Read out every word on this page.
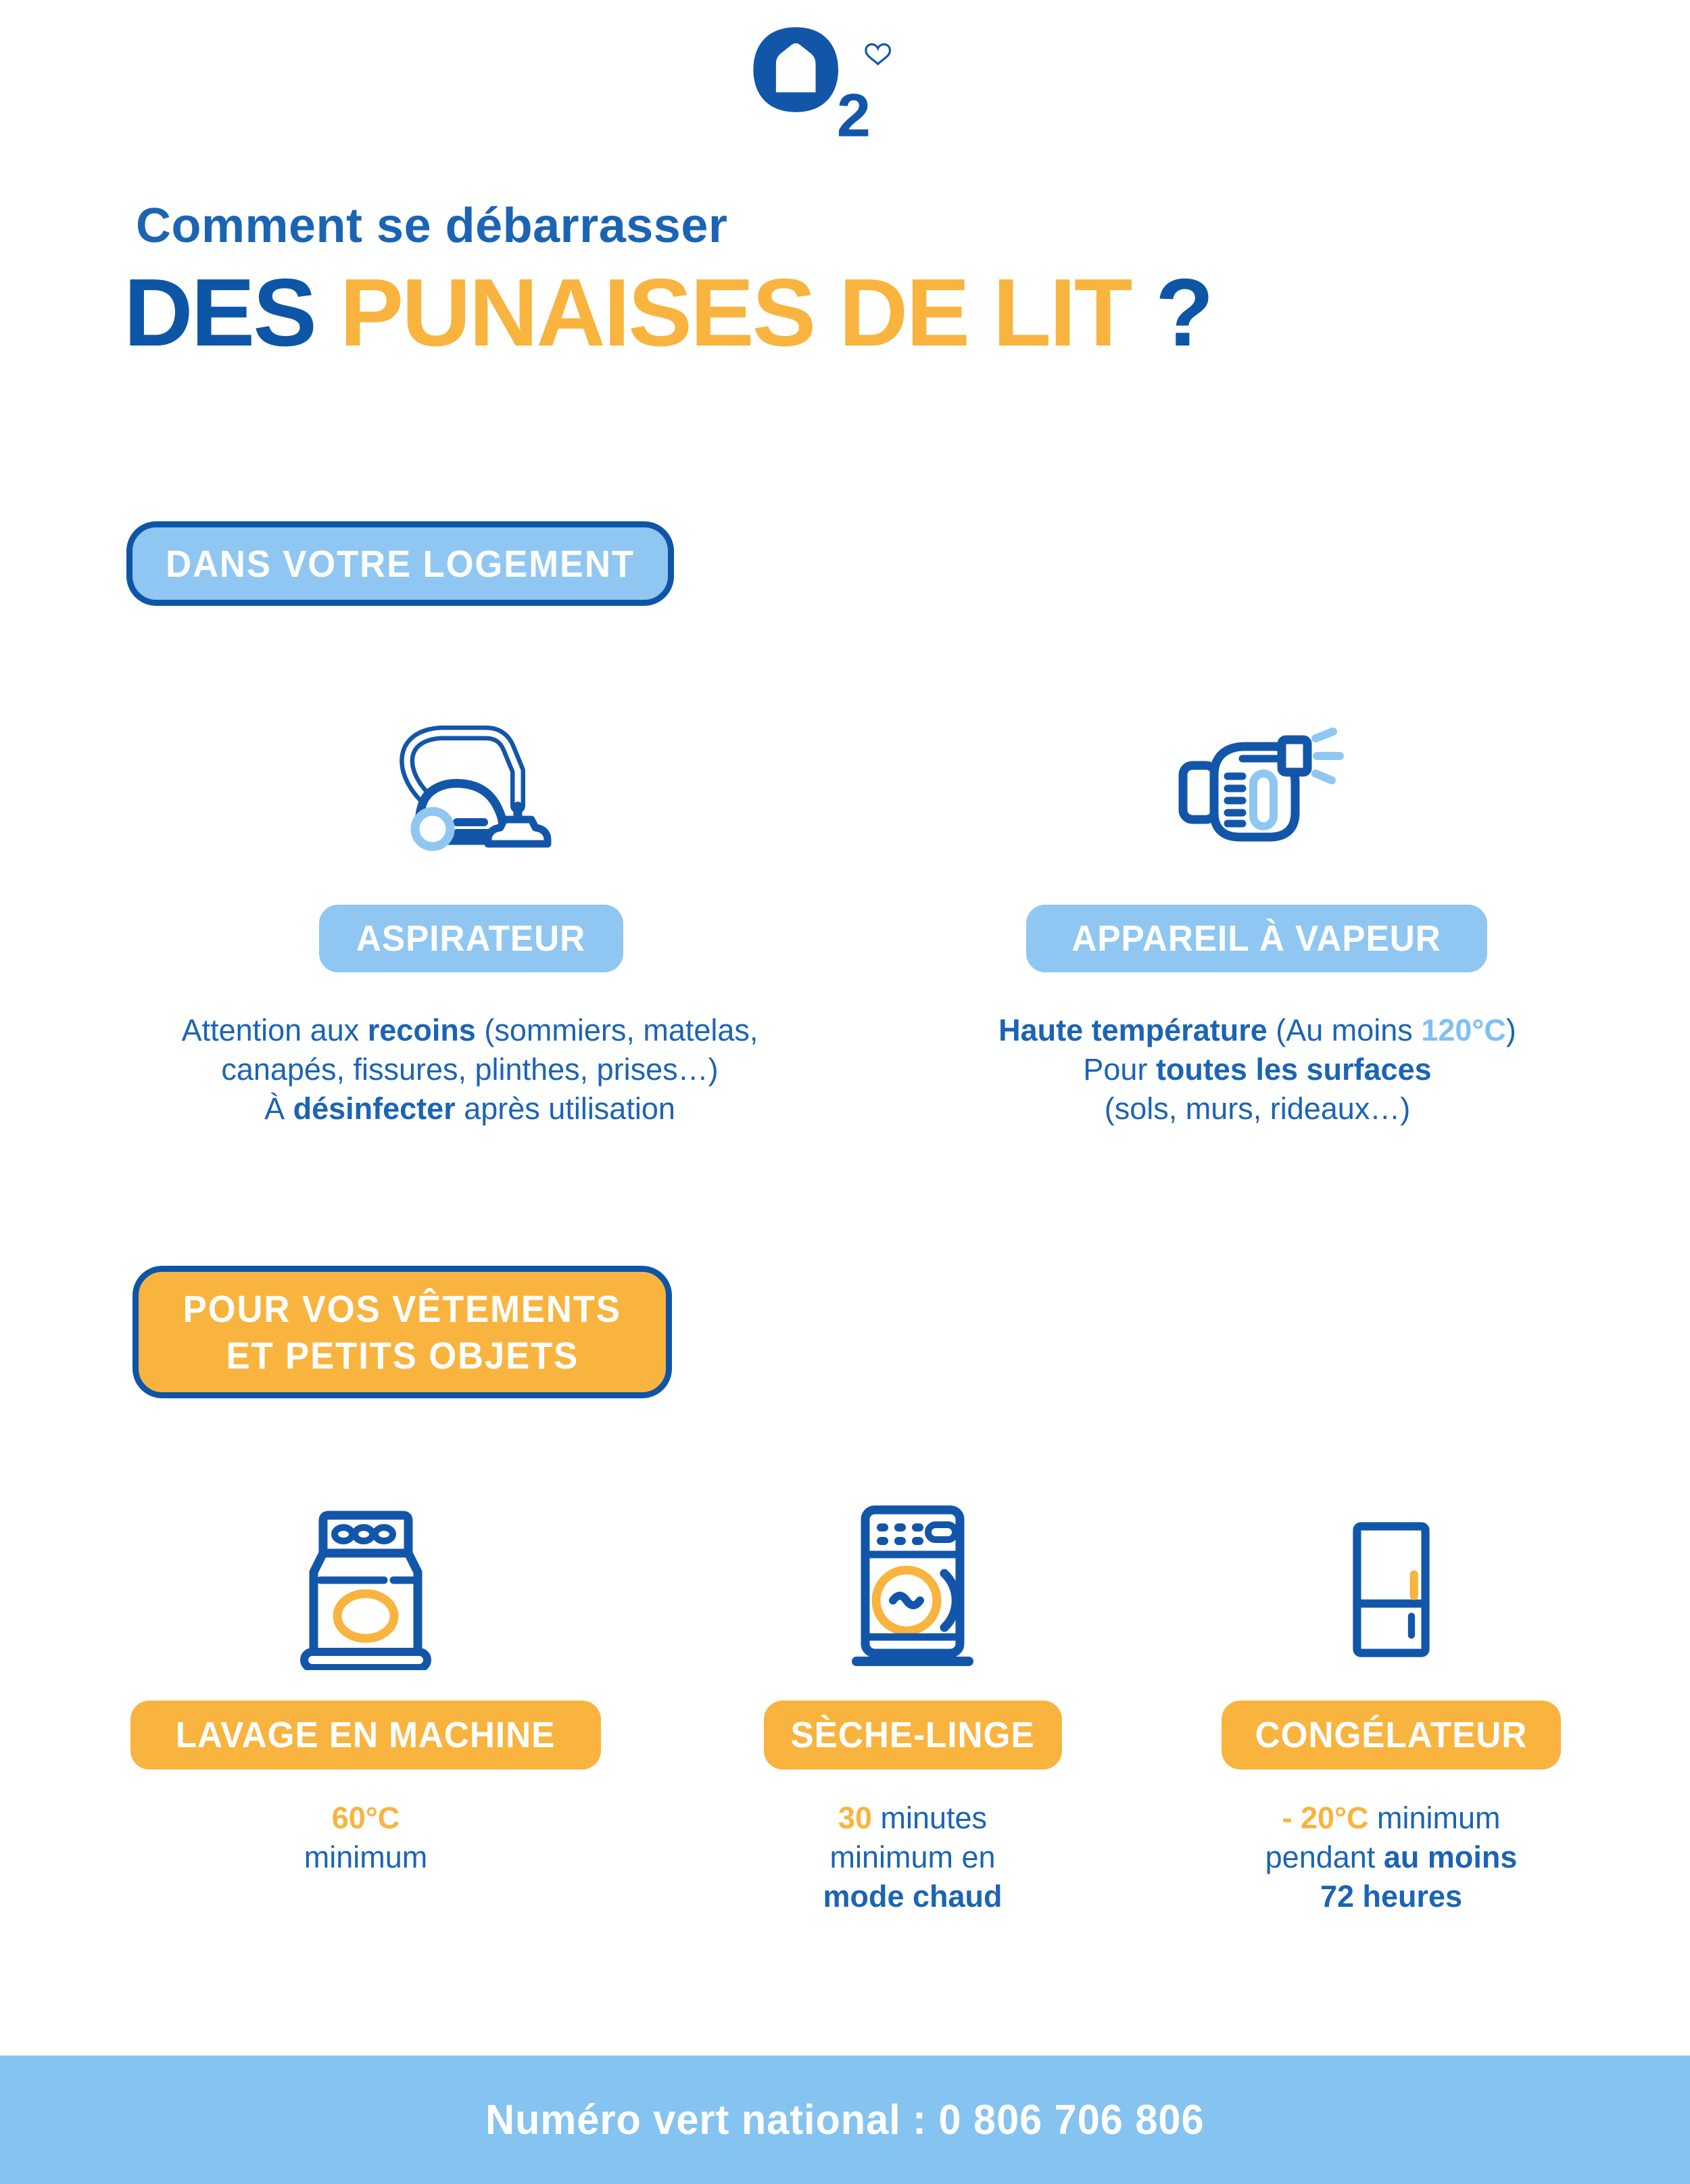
2
Comment se débarrasser
DES PUNAISES DE LIT ?
DANS VOTRE LOGEMENT
ASPIRATEUR	APPAREIL À VAPEUR
Attention aux recoins (sommiers, matelas,
canapés, fissures, plinthes, prises…)
À désinfecter après utilisation
Haute température (Au moins 120°C)
Pour toutes les surfaces
(sols, murs, rideaux…)
POUR VOS VÊTEMENTS
ET PETITS OBJETS
LAVAGE EN MACHINE	SÈCHE-LINGE	CONGÉLATEUR
60°C
minimum
30 minutes
minimum en
mode chaud
- 20°C minimum
pendant au moins
72 heures
Numéro vert national : 0 806 706 806
